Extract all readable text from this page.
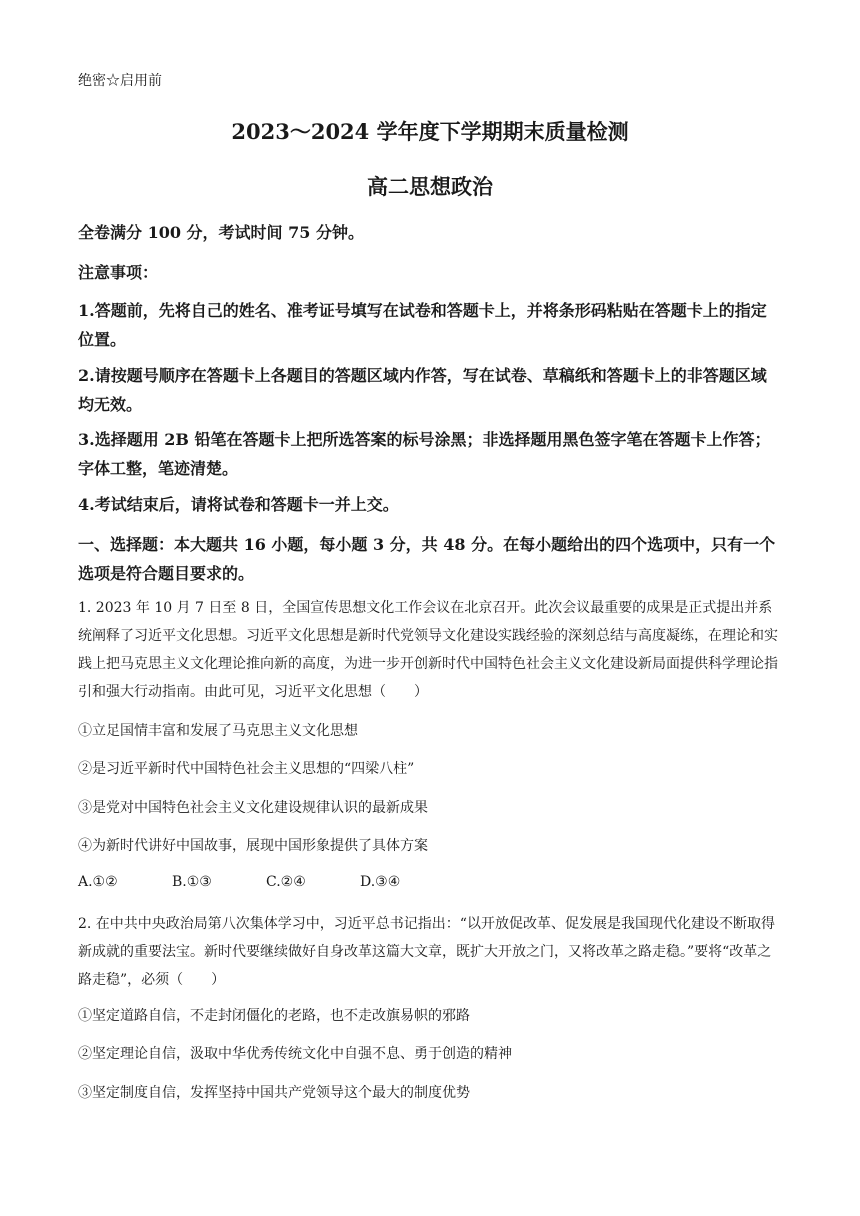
绝密☆启用前
2023～2024 学年度下学期期末质量检测
高二思想政治
全卷满分 100 分，考试时间 75 分钟。
注意事项：
1.答题前，先将自己的姓名、准考证号填写在试卷和答题卡上，并将条形码粘贴在答题卡上的指定位置。
2.请按题号顺序在答题卡上各题目的答题区域内作答，写在试卷、草稿纸和答题卡上的非答题区域均无效。
3.选择题用 2B 铅笔在答题卡上把所选答案的标号涂黑；非选择题用黑色签字笔在答题卡上作答；字体工整，笔迹清楚。
4.考试结束后，请将试卷和答题卡一并上交。
一、选择题：本大题共 16 小题，每小题 3 分，共 48 分。在每小题给出的四个选项中，只有一个选项是符合题目要求的。
1. 2023 年 10 月 7 日至 8 日，全国宣传思想文化工作会议在北京召开。此次会议最重要的成果是正式提出并系统阐释了习近平文化思想。习近平文化思想是新时代党领导文化建设实践经验的深刻总结与高度凝练，在理论和实践上把马克思主义文化理论推向新的高度，为进一步开创新时代中国特色社会主义文化建设新局面提供科学理论指引和强大行动指南。由此可见，习近平文化思想（　　）
①立足国情丰富和发展了马克思主义文化思想
②是习近平新时代中国特色社会主义思想的“四梁八柱”
③是党对中国特色社会主义文化建设规律认识的最新成果
④为新时代讲好中国故事，展现中国形象提供了具体方案
A.①②	B.①③	C.②④	D.③④
2. 在中共中央政治局第八次集体学习中，习近平总书记指出：“以开放促改革、促发展是我国现代化建设不断取得新成就的重要法宝。新时代要继续做好自身改革这篇大文章，既扩大开放之门，又将改革之路走稳。”要将“改革之路走稳”，必须（　　）
①坚定道路自信，不走封闭僵化的老路，也不走改旗易帜的邪路
②坚定理论自信，汲取中华优秀传统文化中自强不息、勇于创造的精神
③坚定制度自信，发挥坚持中国共产党领导这个最大的制度优势
